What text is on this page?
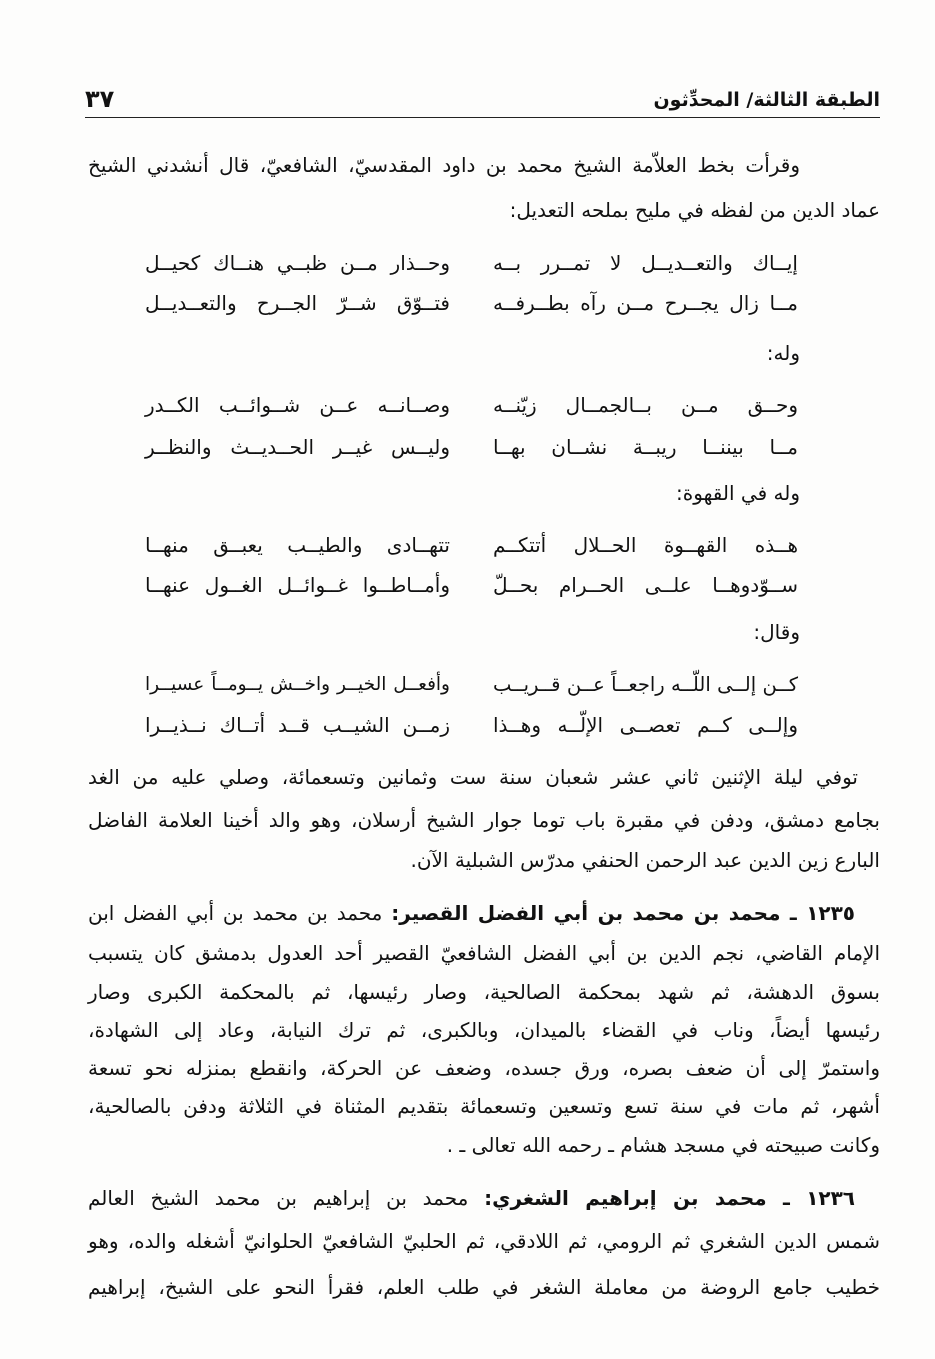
الطبقة الثالثة/ المحدِّثون
٣٧
وقرأت بخط العلاّمة الشيخ محمد بن داود المقدسيّ، الشافعيّ، قال أنشدني الشيخ
عماد الدين من لفظه في مليح بملحه التعديل:
إيــاك والتعــديــل لا تمــرر بــه
وحــذار مــن ظبــي هنــاك كحيــل
مــا زال يجــرح مــن رآه بطــرفــه
فتــوّق شــرّ الجــرح والتعــديــل
وله:
وحــق مــن بــالجمــال زيّنــه
وصــانــه عــن شــوائــب الكــدر
مــا بيننــا ريبــة نشــان بهــا
وليــس غيــر الحــديــث والنظــر
وله في القهوة:
هــذه القهــوة الحــلال أتتكــم
تتهــادى والطيــب يعبــق منهــا
ســوّدوهــا علــى الحــرام بحــلّ
وأمــاطــوا غــوائــل الغــول عنهــا
وقال:
كــن إلــى اللّــه راجعــاً عــن قــريــب
وأفعــل الخيــر واخــش يــومــاً عسيــرا
وإلــى كــم تعصــى الإلّــه وهــذا
زمــن الشيــب قــد أتــاك نــذيــرا
توفي ليلة الإثنين ثاني عشر شعبان سنة ست وثمانين وتسعمائة، وصلي عليه من الغد
بجامع دمشق، ودفن في مقبرة باب توما جوار الشيخ أرسلان، وهو والد أخينا العلامة الفاضل
البارع زين الدين عبد الرحمن الحنفي مدرّس الشبلية الآن.
١٢٣٥ ـ محمد بن محمد بن أبي الفضل القصير: محمد بن محمد بن أبي الفضل ابن
الإمام القاضي، نجم الدين بن أبي الفضل الشافعيّ القصير أحد العدول بدمشق كان يتسبب
بسوق الدهشة، ثم شهد بمحكمة الصالحية، وصار رئيسها، ثم بالمحكمة الكبرى وصار
رئيسها أيضاً، وناب في القضاء بالميدان، وبالكبرى، ثم ترك النيابة، وعاد إلى الشهادة،
واستمرّ إلى أن ضعف بصره، ورق جسده، وضعف عن الحركة، وانقطع بمنزله نحو تسعة
أشهر، ثم مات في سنة تسع وتسعين وتسعمائة بتقديم المثناة في الثلاثة ودفن بالصالحية،
وكانت صبيحته في مسجد هشام ـ رحمه الله تعالى ـ .
١٢٣٦ ـ محمد بن إبراهيم الشغري: محمد بن إبراهيم بن محمد الشيخ العالم
شمس الدين الشغري ثم الرومي، ثم اللادقي، ثم الحلبيّ الشافعيّ الحلوانيّ أشغله والده، وهو
خطيب جامع الروضة من معاملة الشغر في طلب العلم، فقرأ النحو على الشيخ، إبراهيم
